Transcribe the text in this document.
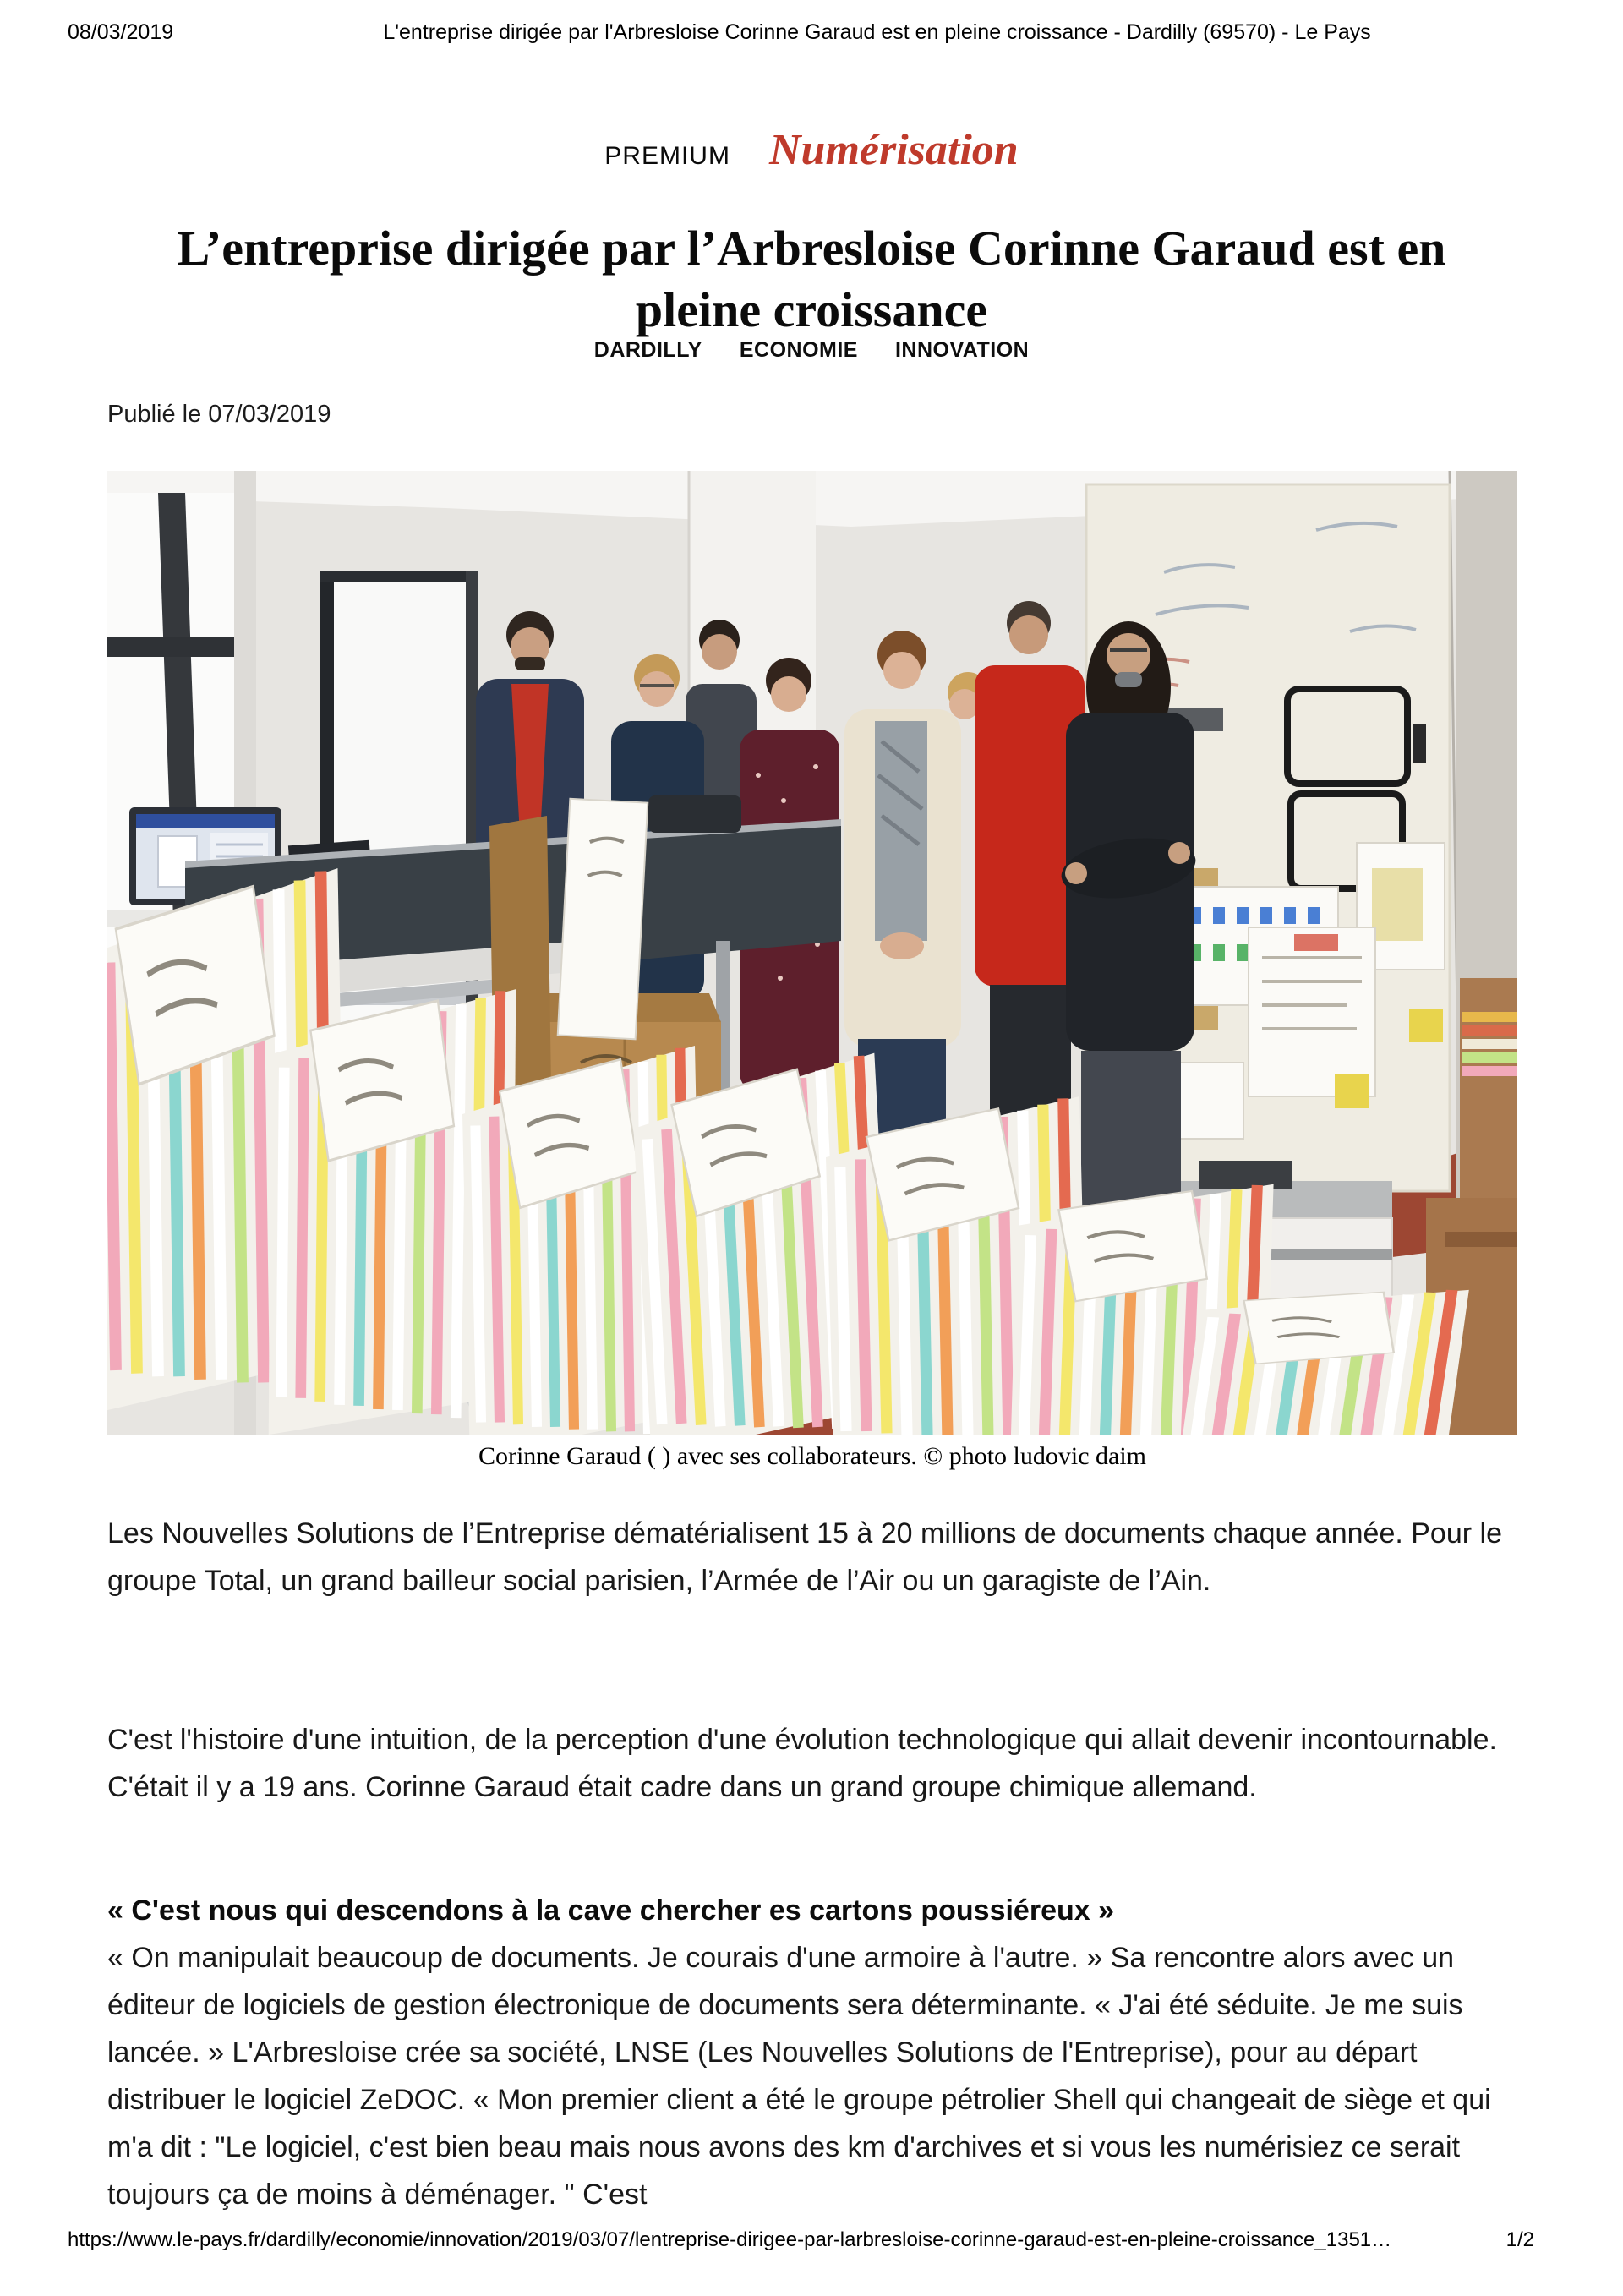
08/03/2019	L'entreprise dirigée par l'Arbresloise Corinne Garaud est en pleine croissance - Dardilly (69570) - Le Pays
PREMIUM Numérisation
L’entreprise dirigée par l’Arbresloise Corinne Garaud est en pleine croissance
DARDILLY ECONOMIE INNOVATION
Publié le 07/03/2019
Corinne Garaud ( ) avec ses collaborateurs. © photo ludovic daim

Les Nouvelles Solutions de l’Entreprise dématérialisent 15 à 20 millions de documents chaque année. Pour le groupe Total, un grand bailleur social parisien, l’Armée de l’Air ou un garagiste de l’Ain.

C'est l'histoire d'une intuition, de la perception d'une évolution technologique qui allait devenir incontournable. C'était il y a 19 ans. Corinne Garaud était cadre dans un grand groupe chimique allemand.

« C'est nous qui descendons à la cave chercher es cartons poussiéreux »

« On manipulait beaucoup de documents. Je courais d'une armoire à l'autre. » Sa rencontre alors avec un éditeur de logiciels de gestion électronique de documents sera déterminante. « J'ai été séduite. Je me suis lancée. » L'Arbresloise crée sa société, LNSE (Les Nouvelles Solutions de l'Entreprise), pour au départ distribuer le logiciel ZeDOC. « Mon premier client a été le groupe pétrolier Shell qui changeait de siège et qui m'a dit : "Le logiciel, c'est bien beau mais nous avons des km d'archives et si vous les numérisiez ce serait toujours ça de moins à déménager. " C'est

https://www.le-pays.fr/dardilly/economie/innovation/2019/03/07/lentreprise-dirigee-par-larbresloise-corinne-garaud-est-en-pleine-croissance_1351…	1/2
